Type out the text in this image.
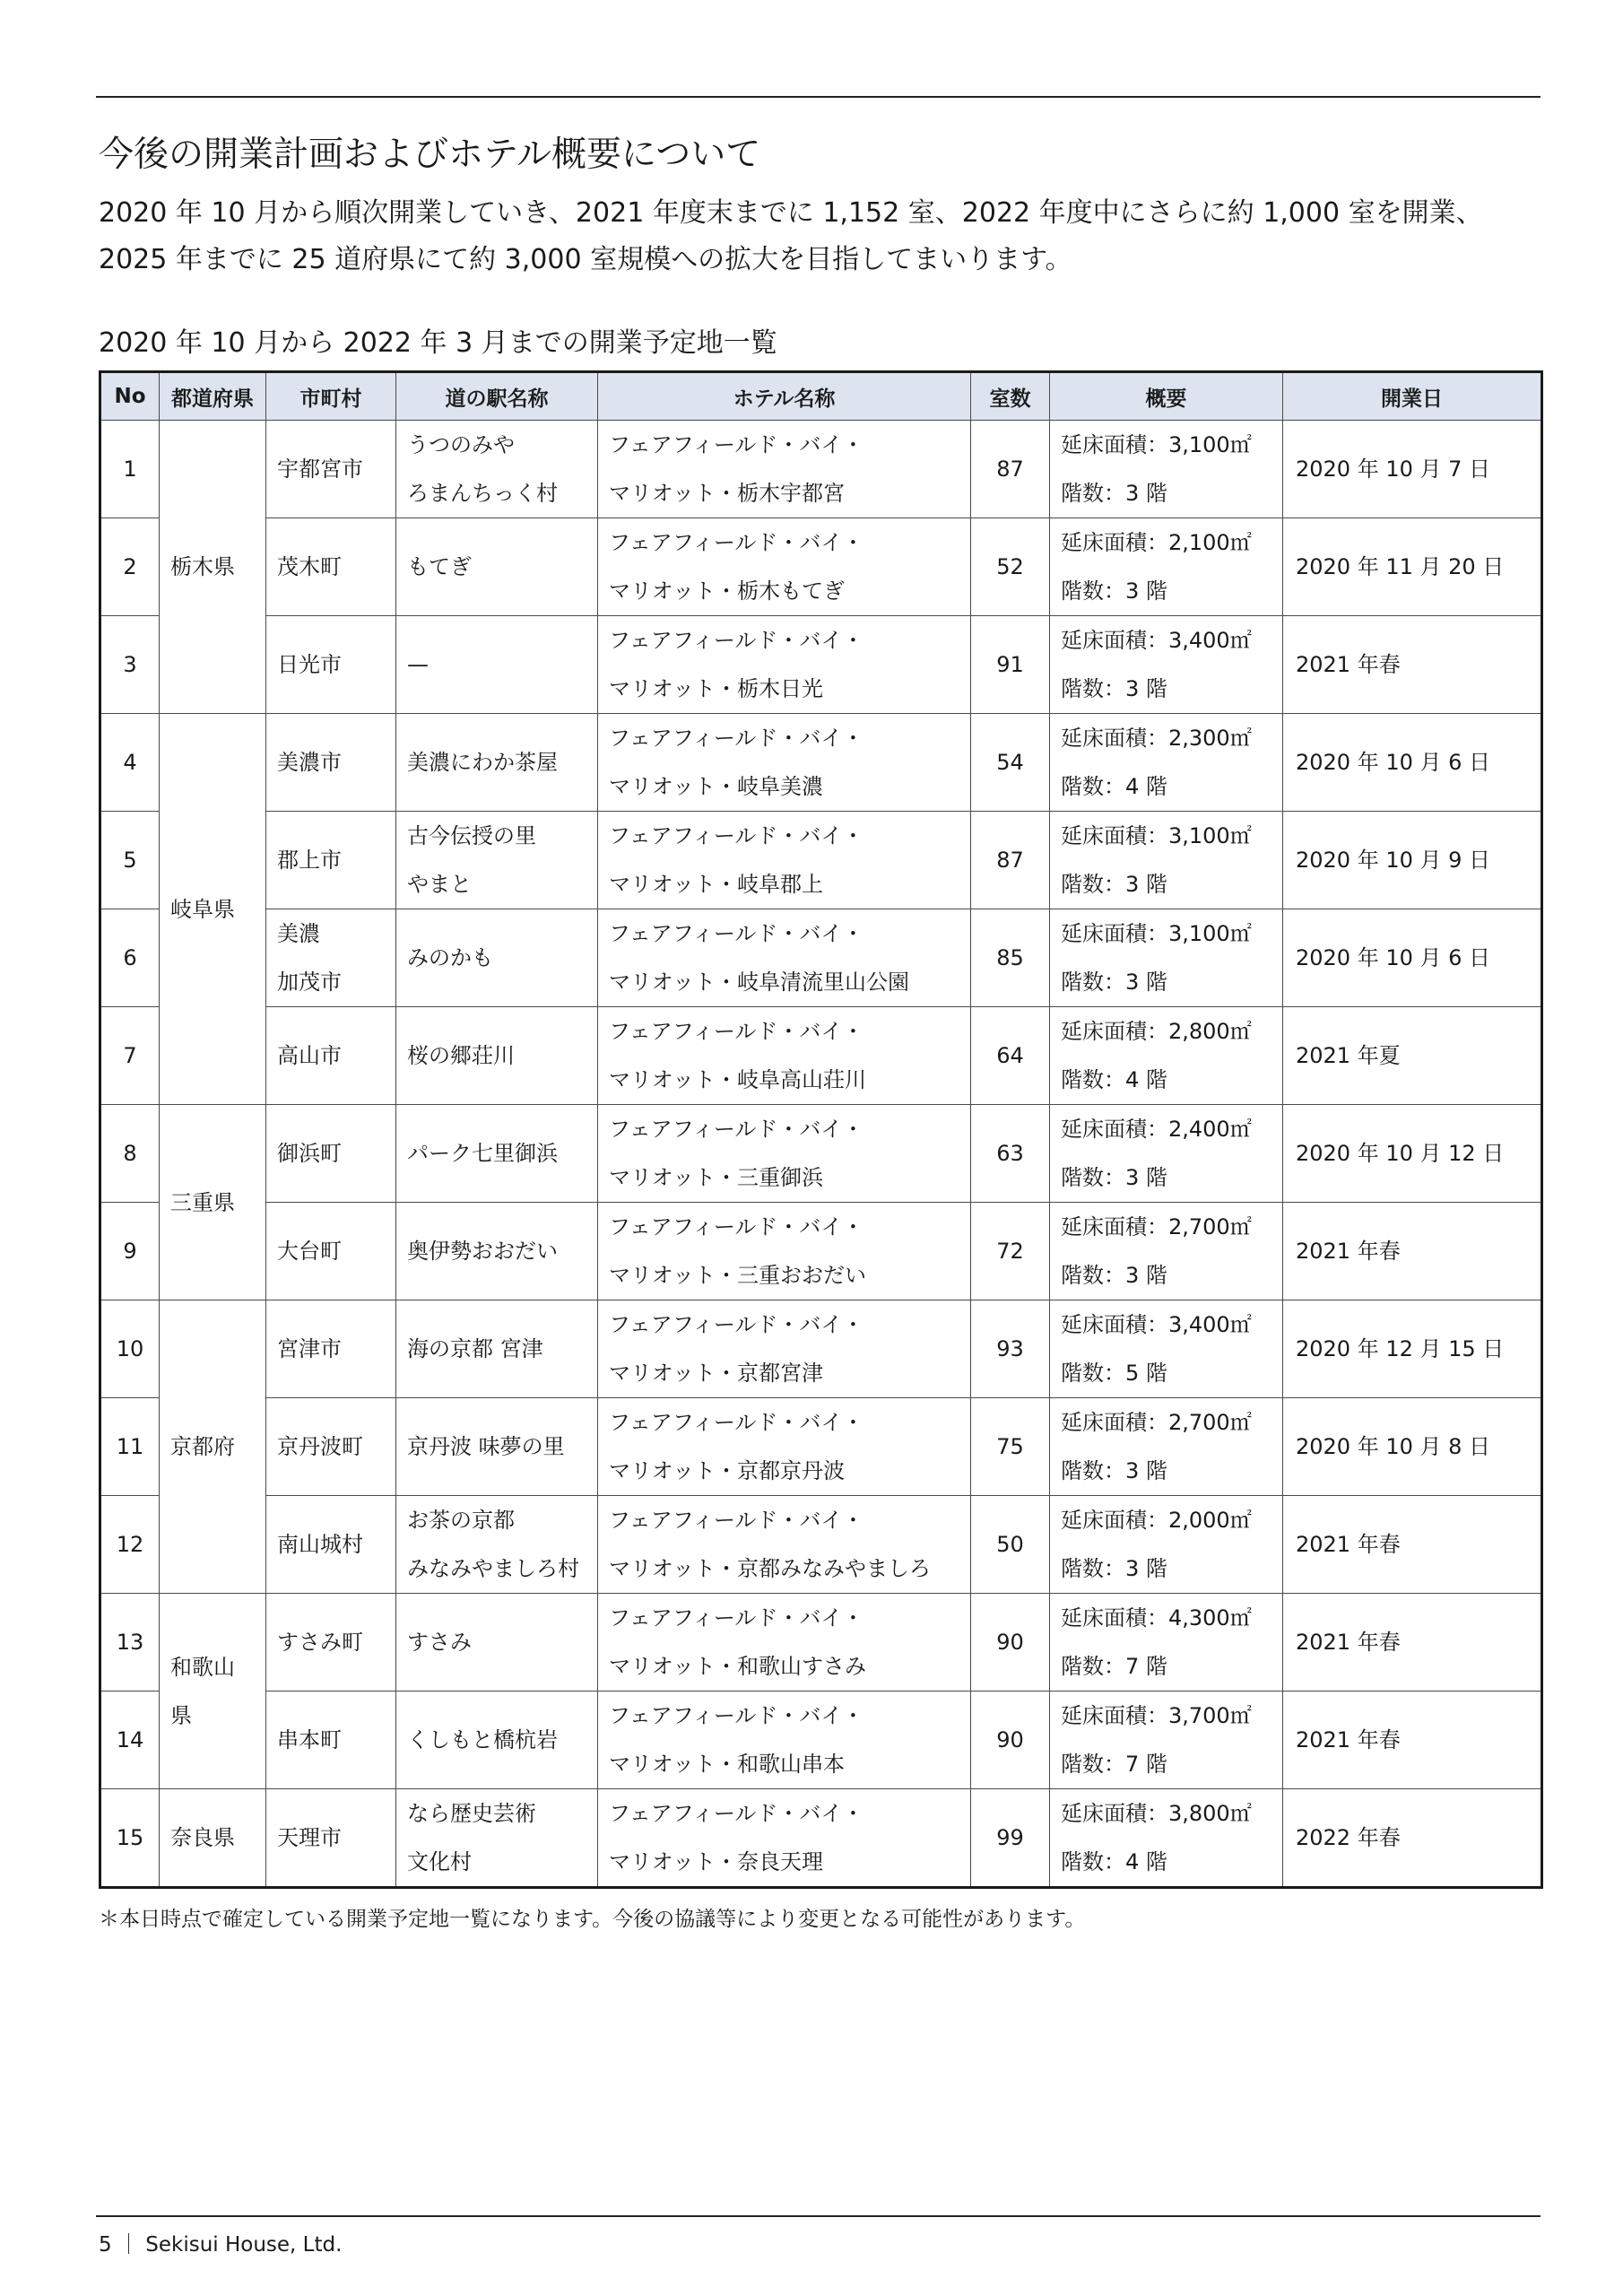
今後の開業計画およびホテル概要について
2020 年 10 月から順次開業していき、2021 年度末までに 1,152 室、2022 年度中にさらに約 1,000 室を開業、2025 年までに 25 道府県にて約 3,000 室規模への拡大を目指してまいります。
2020 年 10 月から 2022 年 3 月までの開業予定地一覧
No	都道府県	市町村	道の駅名称	ホテル名称	室数	概要	開業日
1	栃木県	宇都宮市	うつのみや
ろまんちっく村	フェアフィールド・バイ・
マリオット・栃木宇都宮	87	延床面積：3,100㎡
階数：3 階	2020 年 10 月 7 日
2		茂木町	もてぎ	フェアフィールド・バイ・
マリオット・栃木もてぎ	52	延床面積：2,100㎡
階数：3 階	2020 年 11 月 20 日
3		日光市	—	フェアフィールド・バイ・
マリオット・栃木日光	91	延床面積：3,400㎡
階数：3 階	2021 年春
4	岐阜県	美濃市	美濃にわか茶屋	フェアフィールド・バイ・
マリオット・岐阜美濃	54	延床面積：2,300㎡
階数：4 階	2020 年 10 月 6 日
5		郡上市	古今伝授の里
やまと	フェアフィールド・バイ・
マリオット・岐阜郡上	87	延床面積：3,100㎡
階数：3 階	2020 年 10 月 9 日
6		美濃
加茂市	みのかも	フェアフィールド・バイ・
マリオット・岐阜清流里山公園	85	延床面積：3,100㎡
階数：3 階	2020 年 10 月 6 日
7		高山市	桜の郷荘川	フェアフィールド・バイ・
マリオット・岐阜高山荘川	64	延床面積：2,800㎡
階数：4 階	2021 年夏
8	三重県	御浜町	パーク七里御浜	フェアフィールド・バイ・
マリオット・三重御浜	63	延床面積：2,400㎡
階数：3 階	2020 年 10 月 12 日
9		大台町	奥伊勢おおだい	フェアフィールド・バイ・
マリオット・三重おおだい	72	延床面積：2,700㎡
階数：3 階	2021 年春
10	京都府	宮津市	海の京都 宮津	フェアフィールド・バイ・
マリオット・京都宮津	93	延床面積：3,400㎡
階数：5 階	2020 年 12 月 15 日
11		京丹波町	京丹波 味夢の里	フェアフィールド・バイ・
マリオット・京都京丹波	75	延床面積：2,700㎡
階数：3 階	2020 年 10 月 8 日
12		南山城村	お茶の京都
みなみやましろ村	フェアフィールド・バイ・
マリオット・京都みなみやましろ	50	延床面積：2,000㎡
階数：3 階	2021 年春
13	和歌山県	すさみ町	すさみ	フェアフィールド・バイ・
マリオット・和歌山すさみ	90	延床面積：4,300㎡
階数：7 階	2021 年春
14		串本町	くしもと橋杭岩	フェアフィールド・バイ・
マリオット・和歌山串本	90	延床面積：3,700㎡
階数：7 階	2021 年春
15	奈良県	天理市	なら歴史芸術
文化村	フェアフィールド・バイ・
マリオット・奈良天理	99	延床面積：3,800㎡
階数：4 階	2022 年春
＊本日時点で確定している開業予定地一覧になります。今後の協議等により変更となる可能性があります。
5 ｜ Sekisui House, Ltd.
